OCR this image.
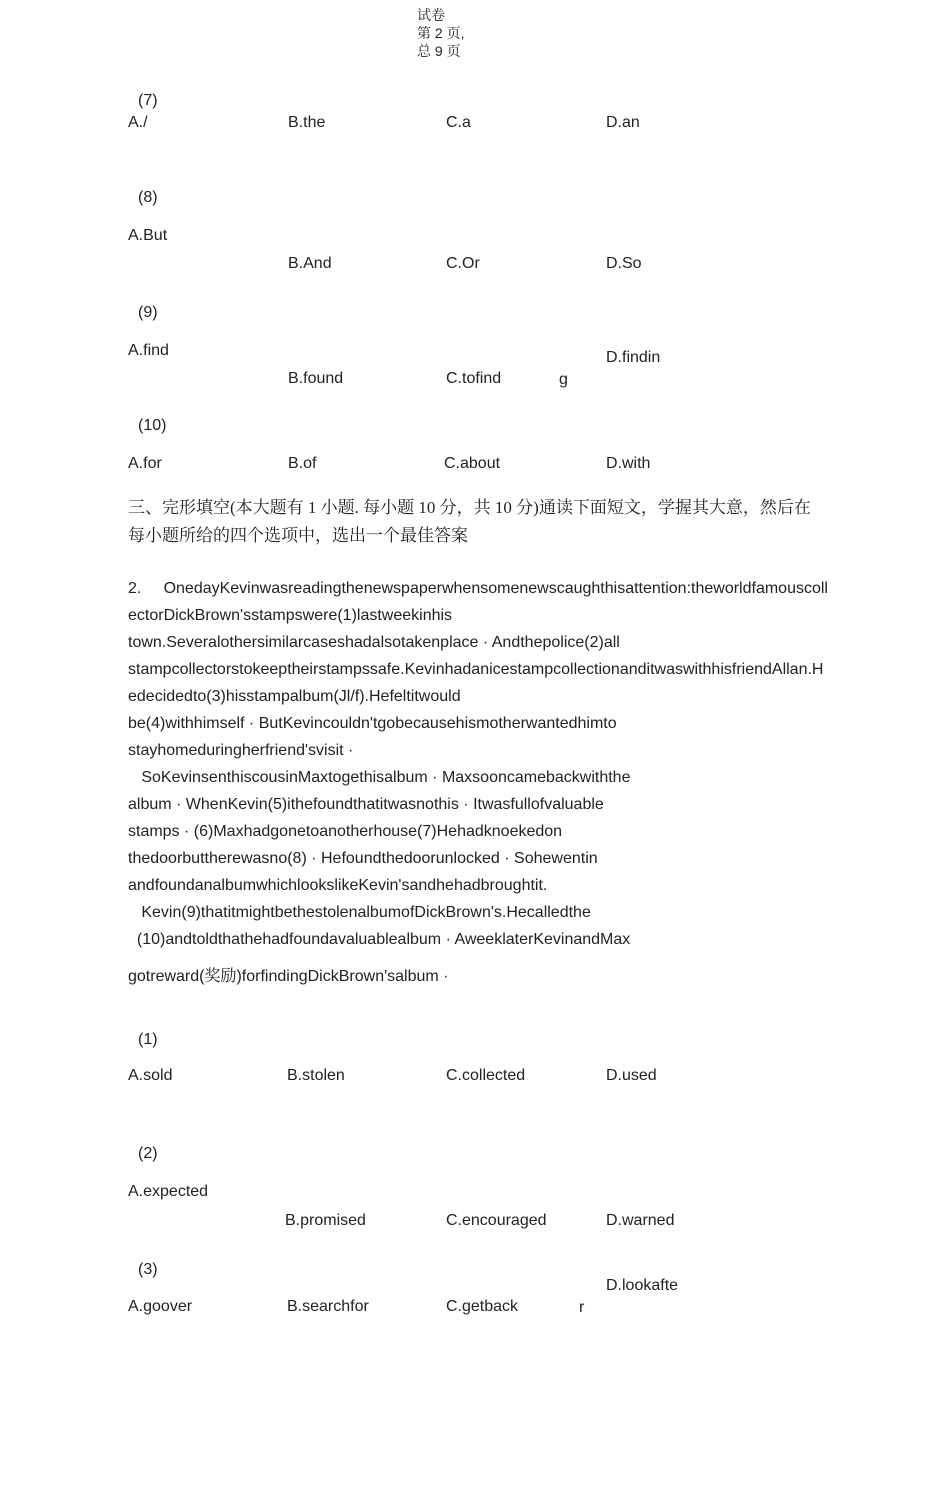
试卷
第 2 页,
总 9 页
(7)
A./	B.the	C.a	D.an
(8)
A.But
B.And	C.Or	D.So
(9)
A.find
B.found	C.tofind	g
D.findin
(10)
A.for	B.of	C.about	D.with
三、完形填空(本大题有 1 小题. 每小题 10 分，共 10 分)通读下面短文，学握其大意，然后在
每小题所给的四个选项中，选出一个最佳答案
2.     OnedayKevinwasreadingthenewspaperwhensomenewscaughthisattention:theworldfamouscoll
ectorDickBrown'sstampswere(1)lastweekinhis
town.Severalothersimilarcaseshadalsotakenplace · Andthepolice(2)all
stampcollectorstokeeptheirstampssafe.KevinhadanicestampcollectionanditwaswithhisfriendAllan.H
edecidedto(3)hisstampalbum(Jl/f).Hefeltitwould
be(4)withhimself · ButKevincouldn'tgobecausehismotherwantedhimto
stayhomeduringherfriend'svisit ·
SoKevinsenthiscousinMaxtogethisalbum · Maxsooncamebackwiththe
album · WhenKevin(5)ithefoundthatitwasnothis · Itwasfullofvaluable
stamps · (6)Maxhadgonetoanotherhouse(7)Hehadknoekedon
thedoorbuttherewasno(8) · Hefoundthedoorunlocked · Sohewentin
andfoundanalbumwhichlookslikeKevin'sandhehadbroughtit.
Kevin(9)thatitmightbethestolenalbumofDickBrown's.Hecalledthe
(10)andtoldthathehadfoundavaluablealbum · AweeklaterKevinandMax
gotreward(奖励)forfindingDickBrown'salbum ·
(1)
A.sold	B.stolen	C.collected	D.used
(2)
A.expected
B.promised	C.encouraged	D.warned
(3)
A.goover	B.searchfor	C.getback	r
D.lookafte
